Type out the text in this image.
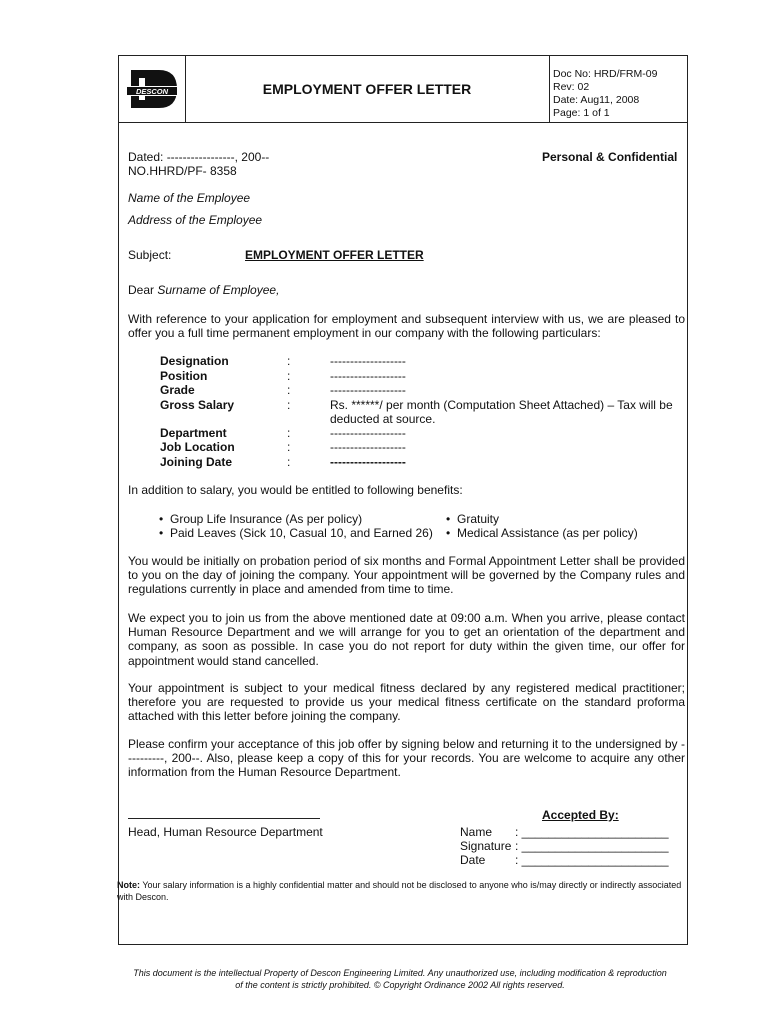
DESCON	EMPLOYMENT OFFER LETTER
Doc No: HRD/FRM-09
Rev: 02
Date: Aug11, 2008
Page: 1 of 1
Dated: -----------------, 200--	Personal & Confidential
NO.HHRD/PF- 8358
Name of the Employee
Address of the Employee
Subject:	EMPLOYMENT OFFER LETTER
Dear Surname of Employee,
With reference to your application for employment and subsequent interview with us, we are pleased to offer you a full time permanent employment in our company with the following particulars:
Designation	:	-------------------
Position	:	-------------------
Grade	:	-------------------
Gross Salary	:	Rs. ******/ per month (Computation Sheet Attached) – Tax will be
deducted at source.
Department	:	-------------------
Job Location	:	-------------------
Joining Date	:	-------------------
In addition to salary, you would be entitled to following benefits:
• Group Life Insurance (As per policy)	• Gratuity
• Paid Leaves (Sick 10, Casual 10, and Earned 26) • Medical Assistance (as per policy)
You would be initially on probation period of six months and Formal Appointment Letter shall be provided to you on the day of joining the company. Your appointment will be governed by the Company rules and regulations currently in place and amended from time to time.
We expect you to join us from the above mentioned date at 09:00 a.m. When you arrive, please contact Human Resource Department and we will arrange for you to get an orientation of the department and company, as soon as possible. In case you do not report for duty within the given time, our offer for appointment would stand cancelled.
Your appointment is subject to your medical fitness declared by any registered medical practitioner; therefore you are requested to provide us your medical fitness certificate on the standard proforma attached with this letter before joining the company.
Please confirm your acceptance of this job offer by signing below and returning it to the undersigned by ----------, 200--. Also, please keep a copy of this for your records. You are welcome to acquire any other information from the Human Resource Department.
Accepted By:
Head, Human Resource Department	Name : ______________________
Signature : ______________________
Date : ______________________
Note: Your salary information is a highly confidential matter and should not be disclosed to anyone who is/may directly or indirectly associated with Descon.
This document is the intellectual Property of Descon Engineering Limited. Any unauthorized use, including modification & reproduction
of the content is strictly prohibited. © Copyright Ordinance 2002 All rights reserved.
